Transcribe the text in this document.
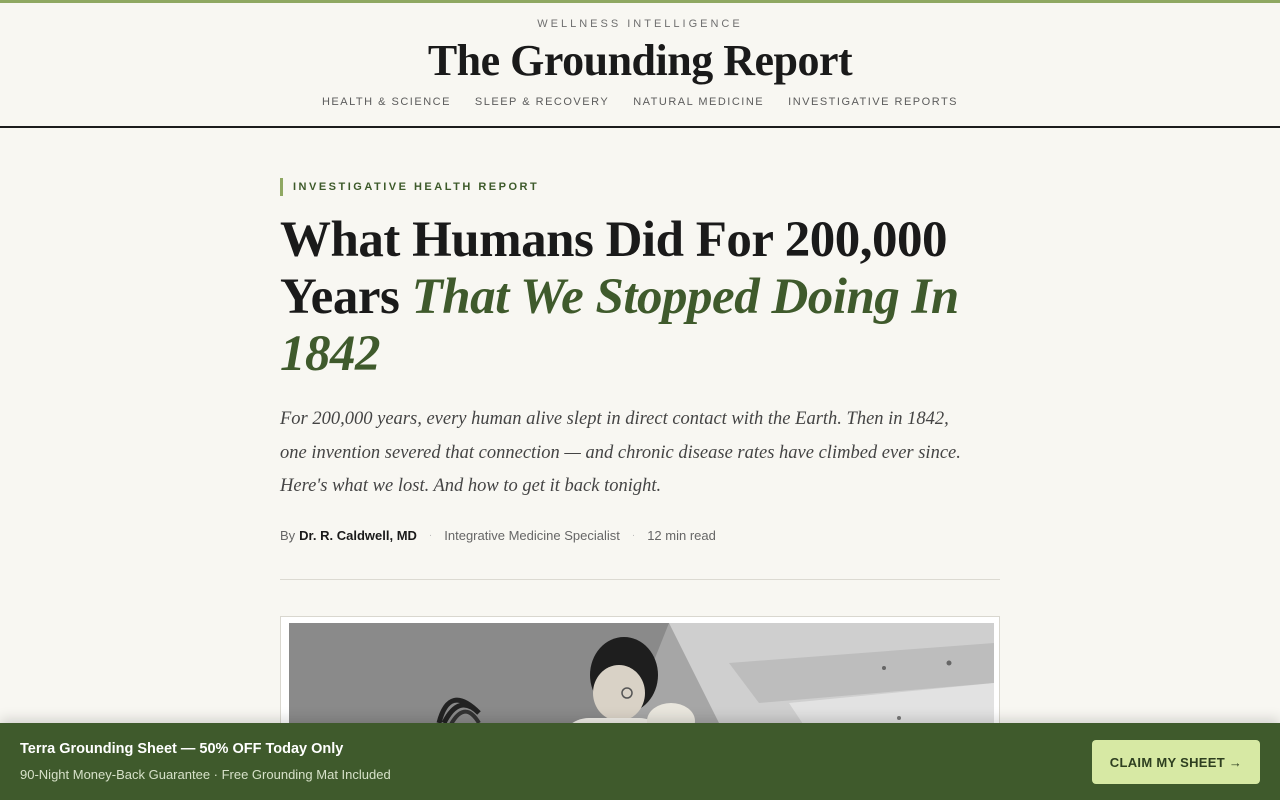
WELLNESS INTELLIGENCE
The Grounding Report
HEALTH & SCIENCE SLEEP & RECOVERY NATURAL MEDICINE INVESTIGATIVE REPORTS
INVESTIGATIVE HEALTH REPORT
What Humans Did For 200,000 Years That We Stopped Doing In 1842

For 200,000 years, every human alive slept in direct contact with the Earth. Then in 1842, one invention severed that connection — and chronic disease rates have climbed ever since. Here's what we lost. And how to get it back tonight.

By Dr. R. Caldwell, MD · Integrative Medicine Specialist · 12 min read
Terra Grounding Sheet — 50% OFF Today Only
90-Night Money-Back Guarantee · Free Grounding Mat Included
CLAIM MY SHEET →
